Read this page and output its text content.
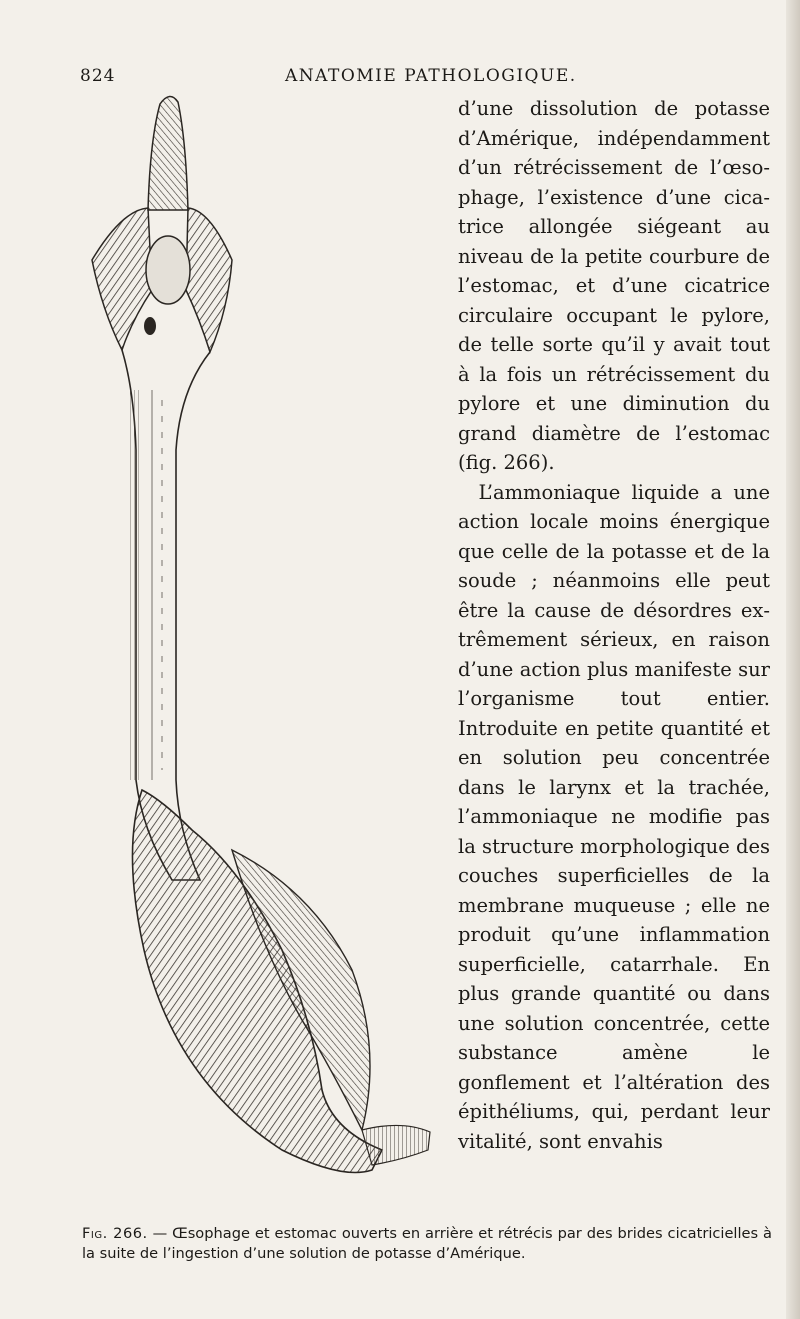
824	ANATOMIE PATHOLOGIQUE.

d’une dissolution de potasse d’Amérique, indépendamment d’un rétrécissement de l’œsophage, l’existence d’une cicatrice allongée siégeant au niveau de la petite courbure de l’estomac, et d’une cicatrice circulaire occupant le pylore, de telle sorte qu’il y avait tout à la fois un rétrécissement du pylore et une diminution du grand diamètre de l’estomac (fig. 266).

L’ammoniaque liquide a une action locale moins énergique que celle de la potasse et de la soude ; néanmoins elle peut être la cause de désordres extrêmement sérieux, en raison d’une action plus manifeste sur l’organisme tout entier. Introduite en petite quantité et en solution peu concentrée dans le larynx et la trachée, l’ammoniaque ne modifie pas la structure morphologique des couches superficielles de la membrane muqueuse ; elle ne produit qu’une inflammation superficielle, catarrhale. En plus grande quantité ou dans une solution concentrée, cette substance amène le gonflement et l’altération des épithéliums, qui, perdant leur vitalité, sont envahis

Fig. 266. — Œsophage et estomac ouverts en arrière et rétrécis par des brides cicatricielles à la suite de l’ingestion d’une solution de potasse d’Amérique.
